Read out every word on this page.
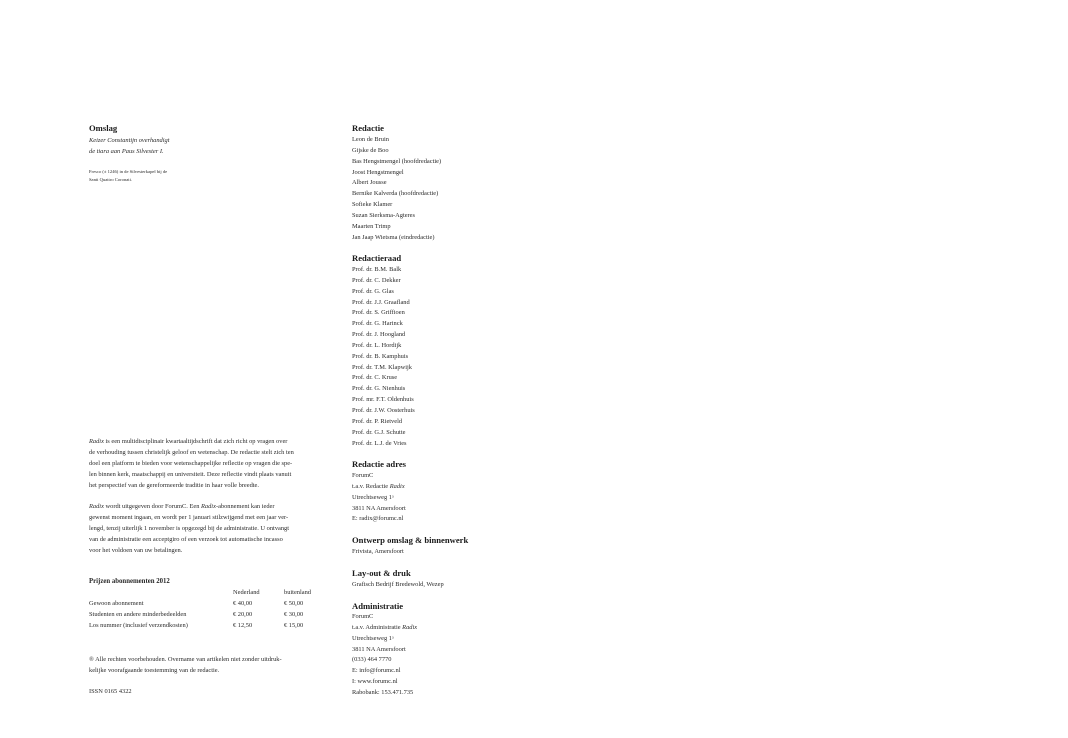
Omslag
Keizer Constantijn overhandigt
de tiara aan Paus Silvester I.
Fresco (± 1246) in de Silvesterkapel bij de
Santi Quattro Coronati.
Radix is een multidisciplinair kwartaaltijdschrift dat zich richt op vragen over
de verhouding tussen christelijk geloof en wetenschap. De redactie stelt zich ten
doel een platform te bieden voor wetenschappelijke reflectie op vragen die spe-
len binnen kerk, maatschappij en universiteit. Deze reflectie vindt plaats vanuit
het perspectief van de gereformeerde traditie in haar volle breedte.
Radix wordt uitgegeven door ForumC. Een Radix-abonnement kan ieder
gewenst moment ingaan, en wordt per 1 januari stilzwijgend met een jaar ver-
lengd, tenzij uiterlijk 1 november is opgezegd bij de administratie. U ontvangt
van de administratie een acceptgiro of een verzoek tot automatische incasso
voor het voldoen van uw betalingen.
Prijzen abonnementen 2012
	Nederland	buitenland
Gewoon abonnement	€ 40,00	€ 50,00
Studenten en andere minderbedeelden	€ 20,00	€ 30,00
Los nummer (inclusief verzendkosten)	€ 12,50	€ 15,00
® Alle rechten voorbehouden. Overname van artikelen niet zonder uitdruk-
kelijke voorafgaande toestemming van de redactie.
ISSN 0165 4322
Redactie
Leon de Bruin
Gijske de Boo
Bas Hengstmengel (hoofdredactie)
Joost Hengstmengel
Albert Jousse
Bernike Kalverda (hoofdredactie)
Sofieke Klamer
Suzan Sierksma-Agteres
Maarten Trimp
Jan Jaap Wietsma (eindredactie)
Redactieraad
Prof. dr. B.M. Balk
Prof. dr. C. Dekker
Prof. dr. G. Glas
Prof. dr. J.J. Graafland
Prof. dr. S. Griffioen
Prof. dr. G. Harinck
Prof. dr. J. Hoogland
Prof. dr. L. Hordijk
Prof. dr. B. Kamphuis
Prof. dr. T.M. Klapwijk
Prof. dr. C. Kruse
Prof. dr. G. Nienhuis
Prof. mr. F.T. Oldenhuis
Prof. dr. J.W. Oosterhuis
Prof. dr. P. Rietveld
Prof. dr. G.J. Schutte
Prof. dr. L.J. de Vries
Redactie adres
ForumC
t.a.v. Redactie Radix
Utrechtseweg 1ᵃ
3811 NA Amersfoort
E: radix@forumc.nl
Ontwerp omslag & binnenwerk
Frivista, Amersfoort
Lay-out & druk
Grafisch Bedrijf Bredewold, Wezep
Administratie
ForumC
t.a.v. Administratie Radix
Utrechtseweg 1ᵃ
3811 NA Amersfoort
(033) 464 7770
E: info@forumc.nl
I: www.forumc.nl
Rabobank: 153.471.735
